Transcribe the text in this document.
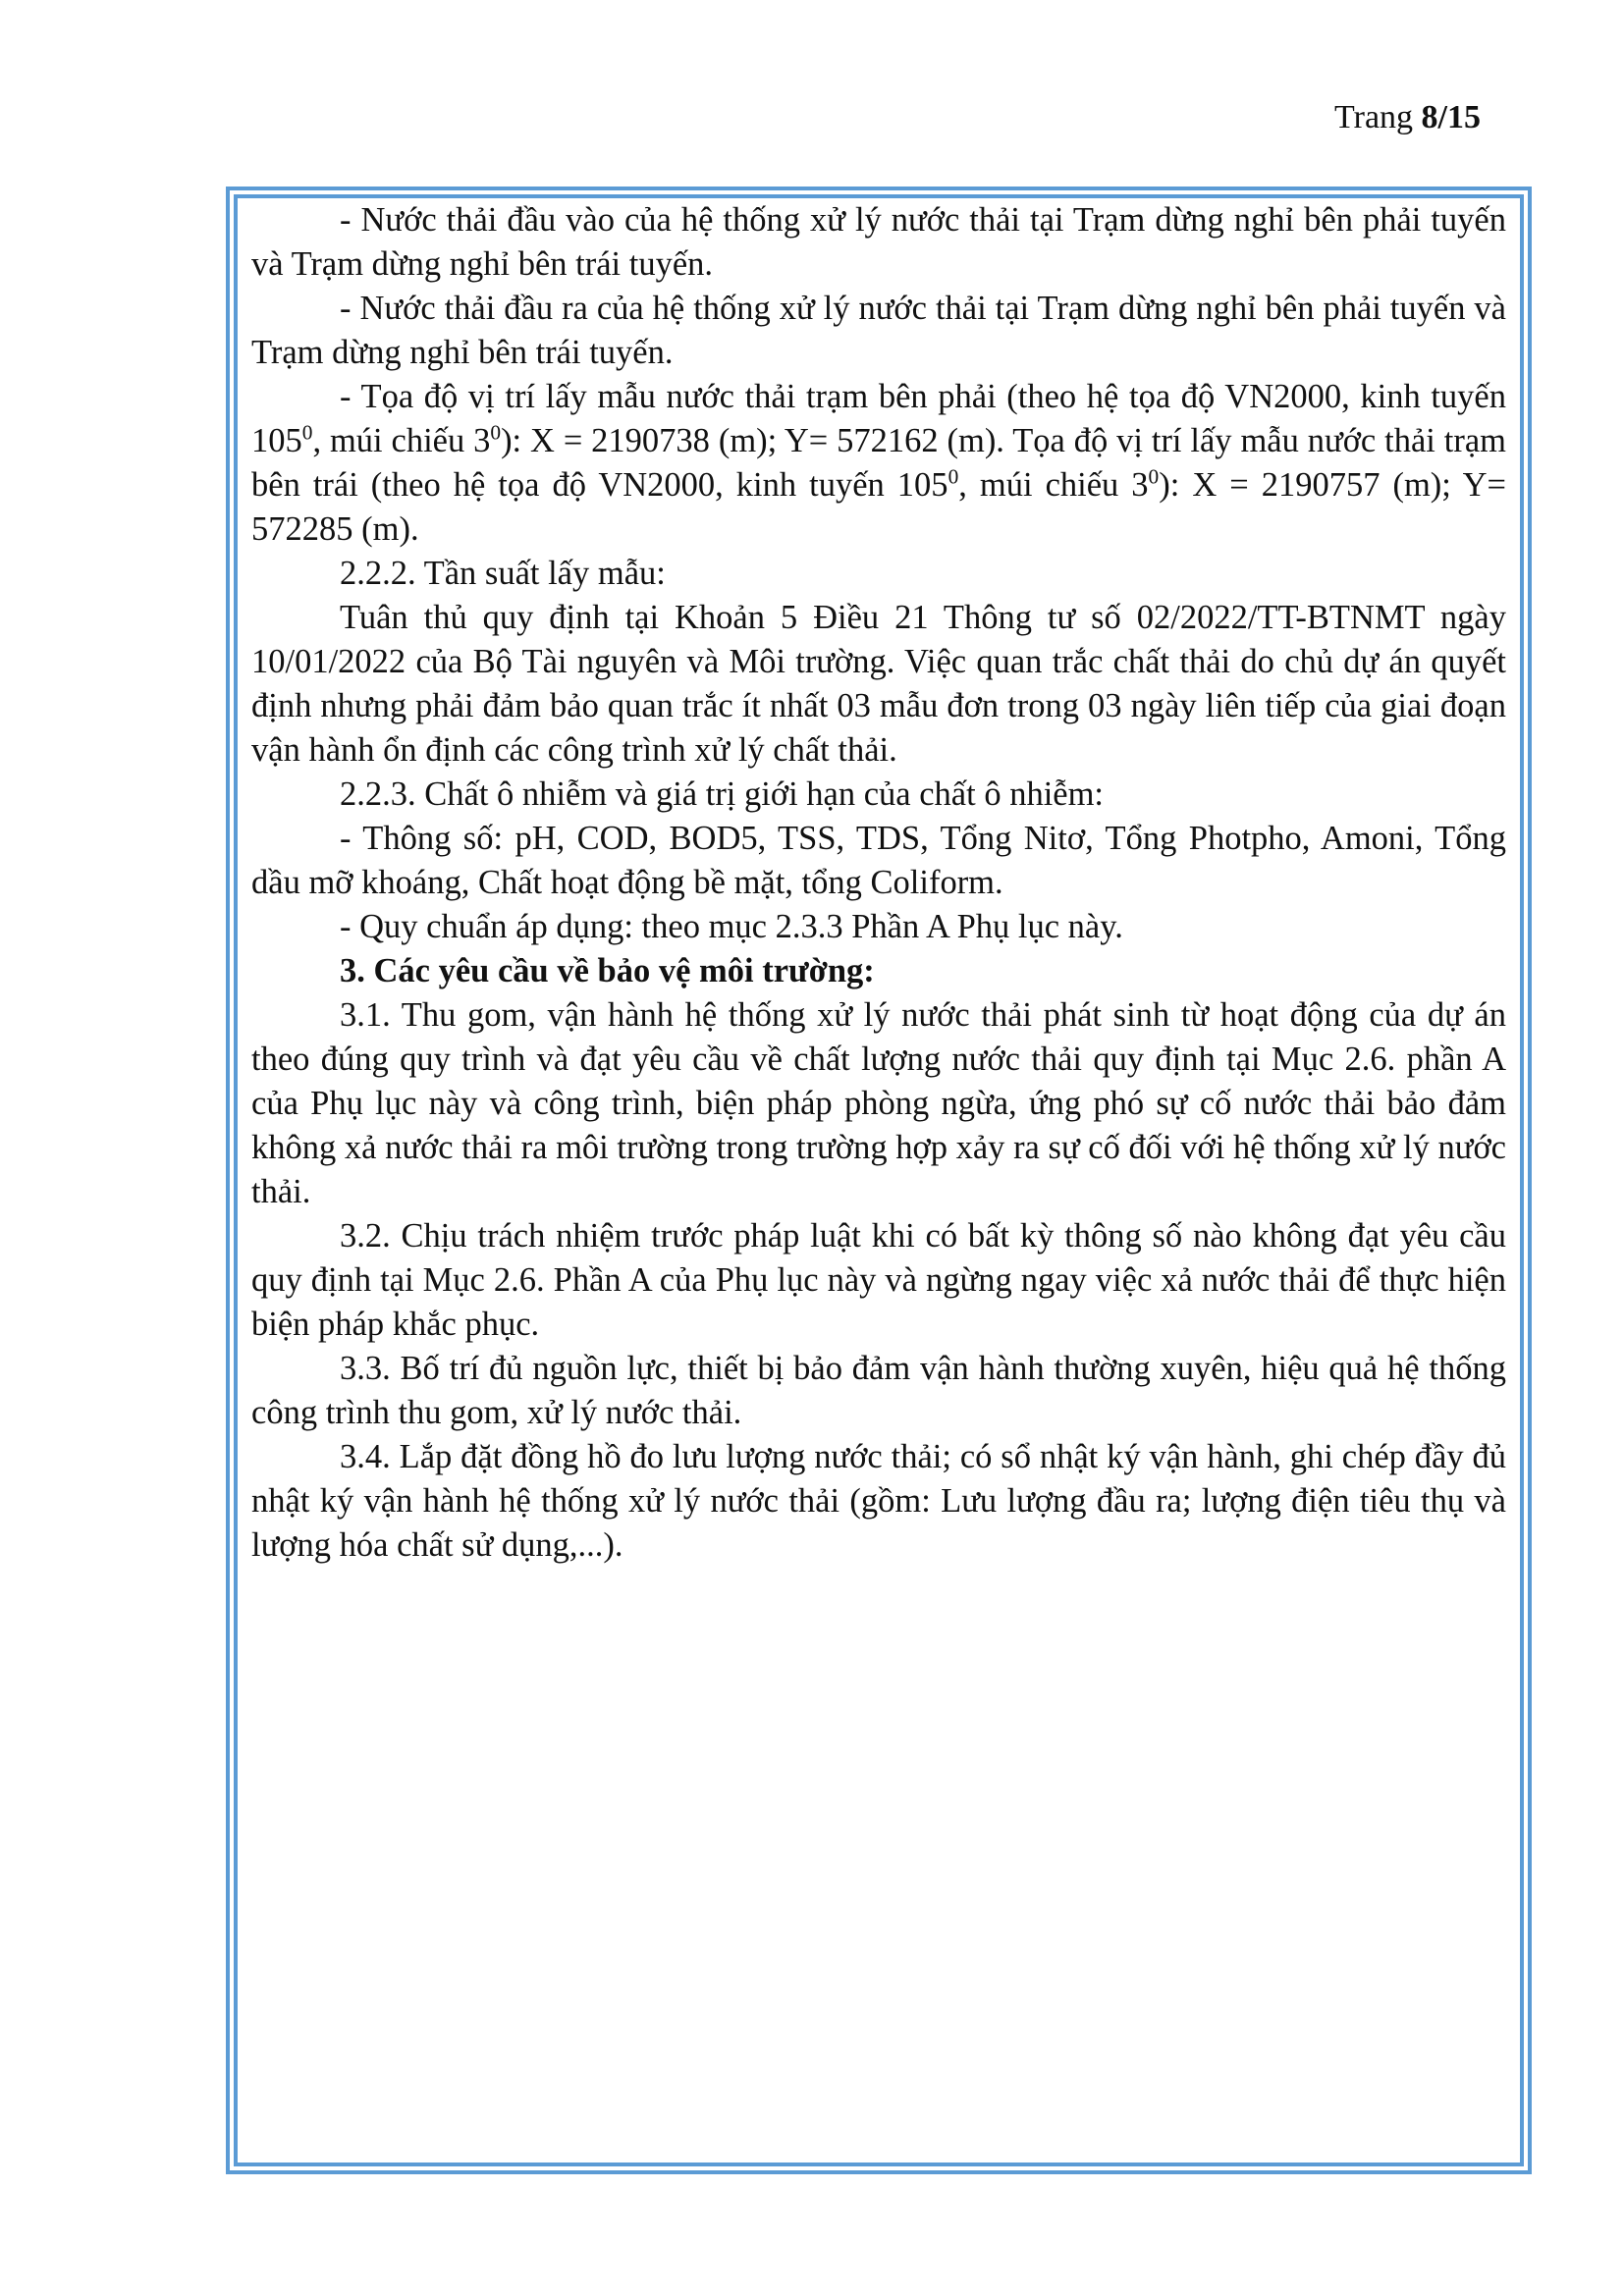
Trang 8/15

- Nước thải đầu vào của hệ thống xử lý nước thải tại Trạm dừng nghỉ bên phải tuyến và Trạm dừng nghỉ bên trái tuyến.

- Nước thải đầu ra của hệ thống xử lý nước thải tại Trạm dừng nghỉ bên phải tuyến và Trạm dừng nghỉ bên trái tuyến.

- Tọa độ vị trí lấy mẫu nước thải trạm bên phải (theo hệ tọa độ VN2000, kinh tuyến $105^0$, múi chiếu $3^0$): X = 2190738 (m); Y= 572162 (m). Tọa độ vị trí lấy mẫu nước thải trạm bên trái (theo hệ tọa độ VN2000, kinh tuyến $105^0$, múi chiếu $3^0$): X = 2190757 (m); Y= 572285 (m).

2.2.2. Tần suất lấy mẫu:

Tuân thủ quy định tại Khoản 5 Điều 21 Thông tư số 02/2022/TT-BTNMT ngày 10/01/2022 của Bộ Tài nguyên và Môi trường. Việc quan trắc chất thải do chủ dự án quyết định nhưng phải đảm bảo quan trắc ít nhất 03 mẫu đơn trong 03 ngày liên tiếp của giai đoạn vận hành ổn định các công trình xử lý chất thải.

2.2.3. Chất ô nhiễm và giá trị giới hạn của chất ô nhiễm:

- Thông số: pH, COD, BOD5, TSS, TDS, Tổng Nitơ, Tổng Photpho, Amoni, Tổng dầu mỡ khoáng, Chất hoạt động bề mặt, tổng Coliform.

- Quy chuẩn áp dụng: theo mục 2.3.3 Phần A Phụ lục này.

3. Các yêu cầu về bảo vệ môi trường:

3.1. Thu gom, vận hành hệ thống xử lý nước thải phát sinh từ hoạt động của dự án theo đúng quy trình và đạt yêu cầu về chất lượng nước thải quy định tại Mục 2.6. phần A của Phụ lục này và công trình, biện pháp phòng ngừa, ứng phó sự cố nước thải bảo đảm không xả nước thải ra môi trường trong trường hợp xảy ra sự cố đối với hệ thống xử lý nước thải.

3.2. Chịu trách nhiệm trước pháp luật khi có bất kỳ thông số nào không đạt yêu cầu quy định tại Mục 2.6. Phần A của Phụ lục này và ngừng ngay việc xả nước thải để thực hiện biện pháp khắc phục.

3.3. Bố trí đủ nguồn lực, thiết bị bảo đảm vận hành thường xuyên, hiệu quả hệ thống công trình thu gom, xử lý nước thải.

3.4. Lắp đặt đồng hồ đo lưu lượng nước thải; có sổ nhật ký vận hành, ghi chép đầy đủ nhật ký vận hành hệ thống xử lý nước thải (gồm: Lưu lượng đầu ra; lượng điện tiêu thụ và lượng hóa chất sử dụng,...).
